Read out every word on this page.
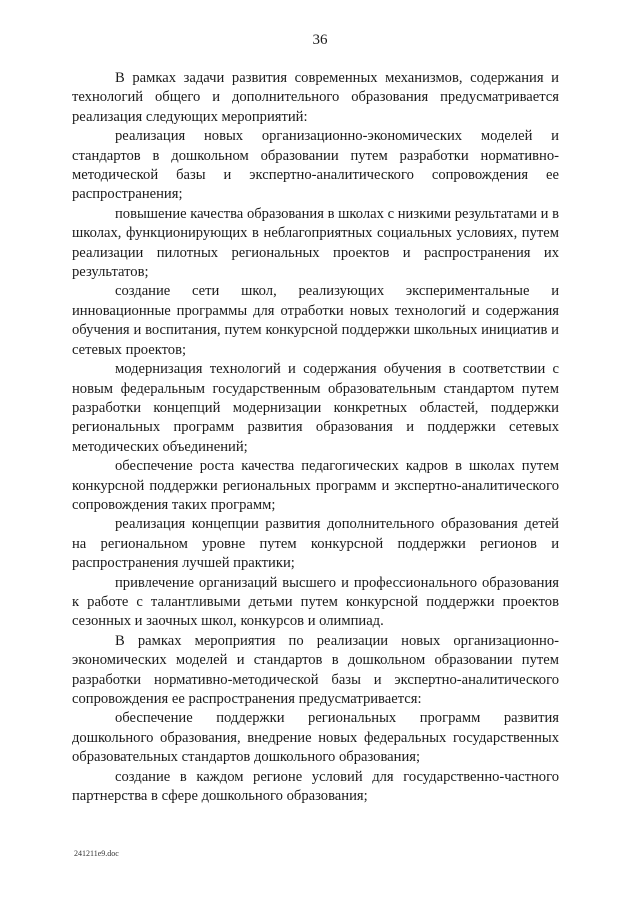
36

В рамках задачи развития современных механизмов, содержания и технологий общего и дополнительного образования предусматривается реализация следующих мероприятий:

реализация новых организационно-экономических моделей и стандартов в дошкольном образовании путем разработки нормативно-методической базы и экспертно-аналитического сопровождения ее распространения;

повышение качества образования в школах с низкими результатами и в школах, функционирующих в неблагоприятных социальных условиях, путем реализации пилотных региональных проектов и распространения их результатов;

создание сети школ, реализующих экспериментальные и инновационные программы для отработки новых технологий и содержания обучения и воспитания, путем конкурсной поддержки школьных инициатив и сетевых проектов;

модернизация технологий и содержания обучения в соответствии с новым федеральным государственным образовательным стандартом путем разработки концепций модернизации конкретных областей, поддержки региональных программ развития образования и поддержки сетевых методических объединений;

обеспечение роста качества педагогических кадров в школах путем конкурсной поддержки региональных программ и экспертно-аналитического сопровождения таких программ;

реализация концепции развития дополнительного образования детей на региональном уровне путем конкурсной поддержки регионов и распространения лучшей практики;

привлечение организаций высшего и профессионального образования к работе с талантливыми детьми путем конкурсной поддержки проектов сезонных и заочных школ, конкурсов и олимпиад.

В рамках мероприятия по реализации новых организационно-экономических моделей и стандартов в дошкольном образовании путем разработки нормативно-методической базы и экспертно-аналитического сопровождения ее распространения предусматривается:

обеспечение поддержки региональных программ развития дошкольного образования, внедрение новых федеральных государственных образовательных стандартов дошкольного образования;

создание в каждом регионе условий для государственно-частного партнерства в сфере дошкольного образования;

241211e9.doc
